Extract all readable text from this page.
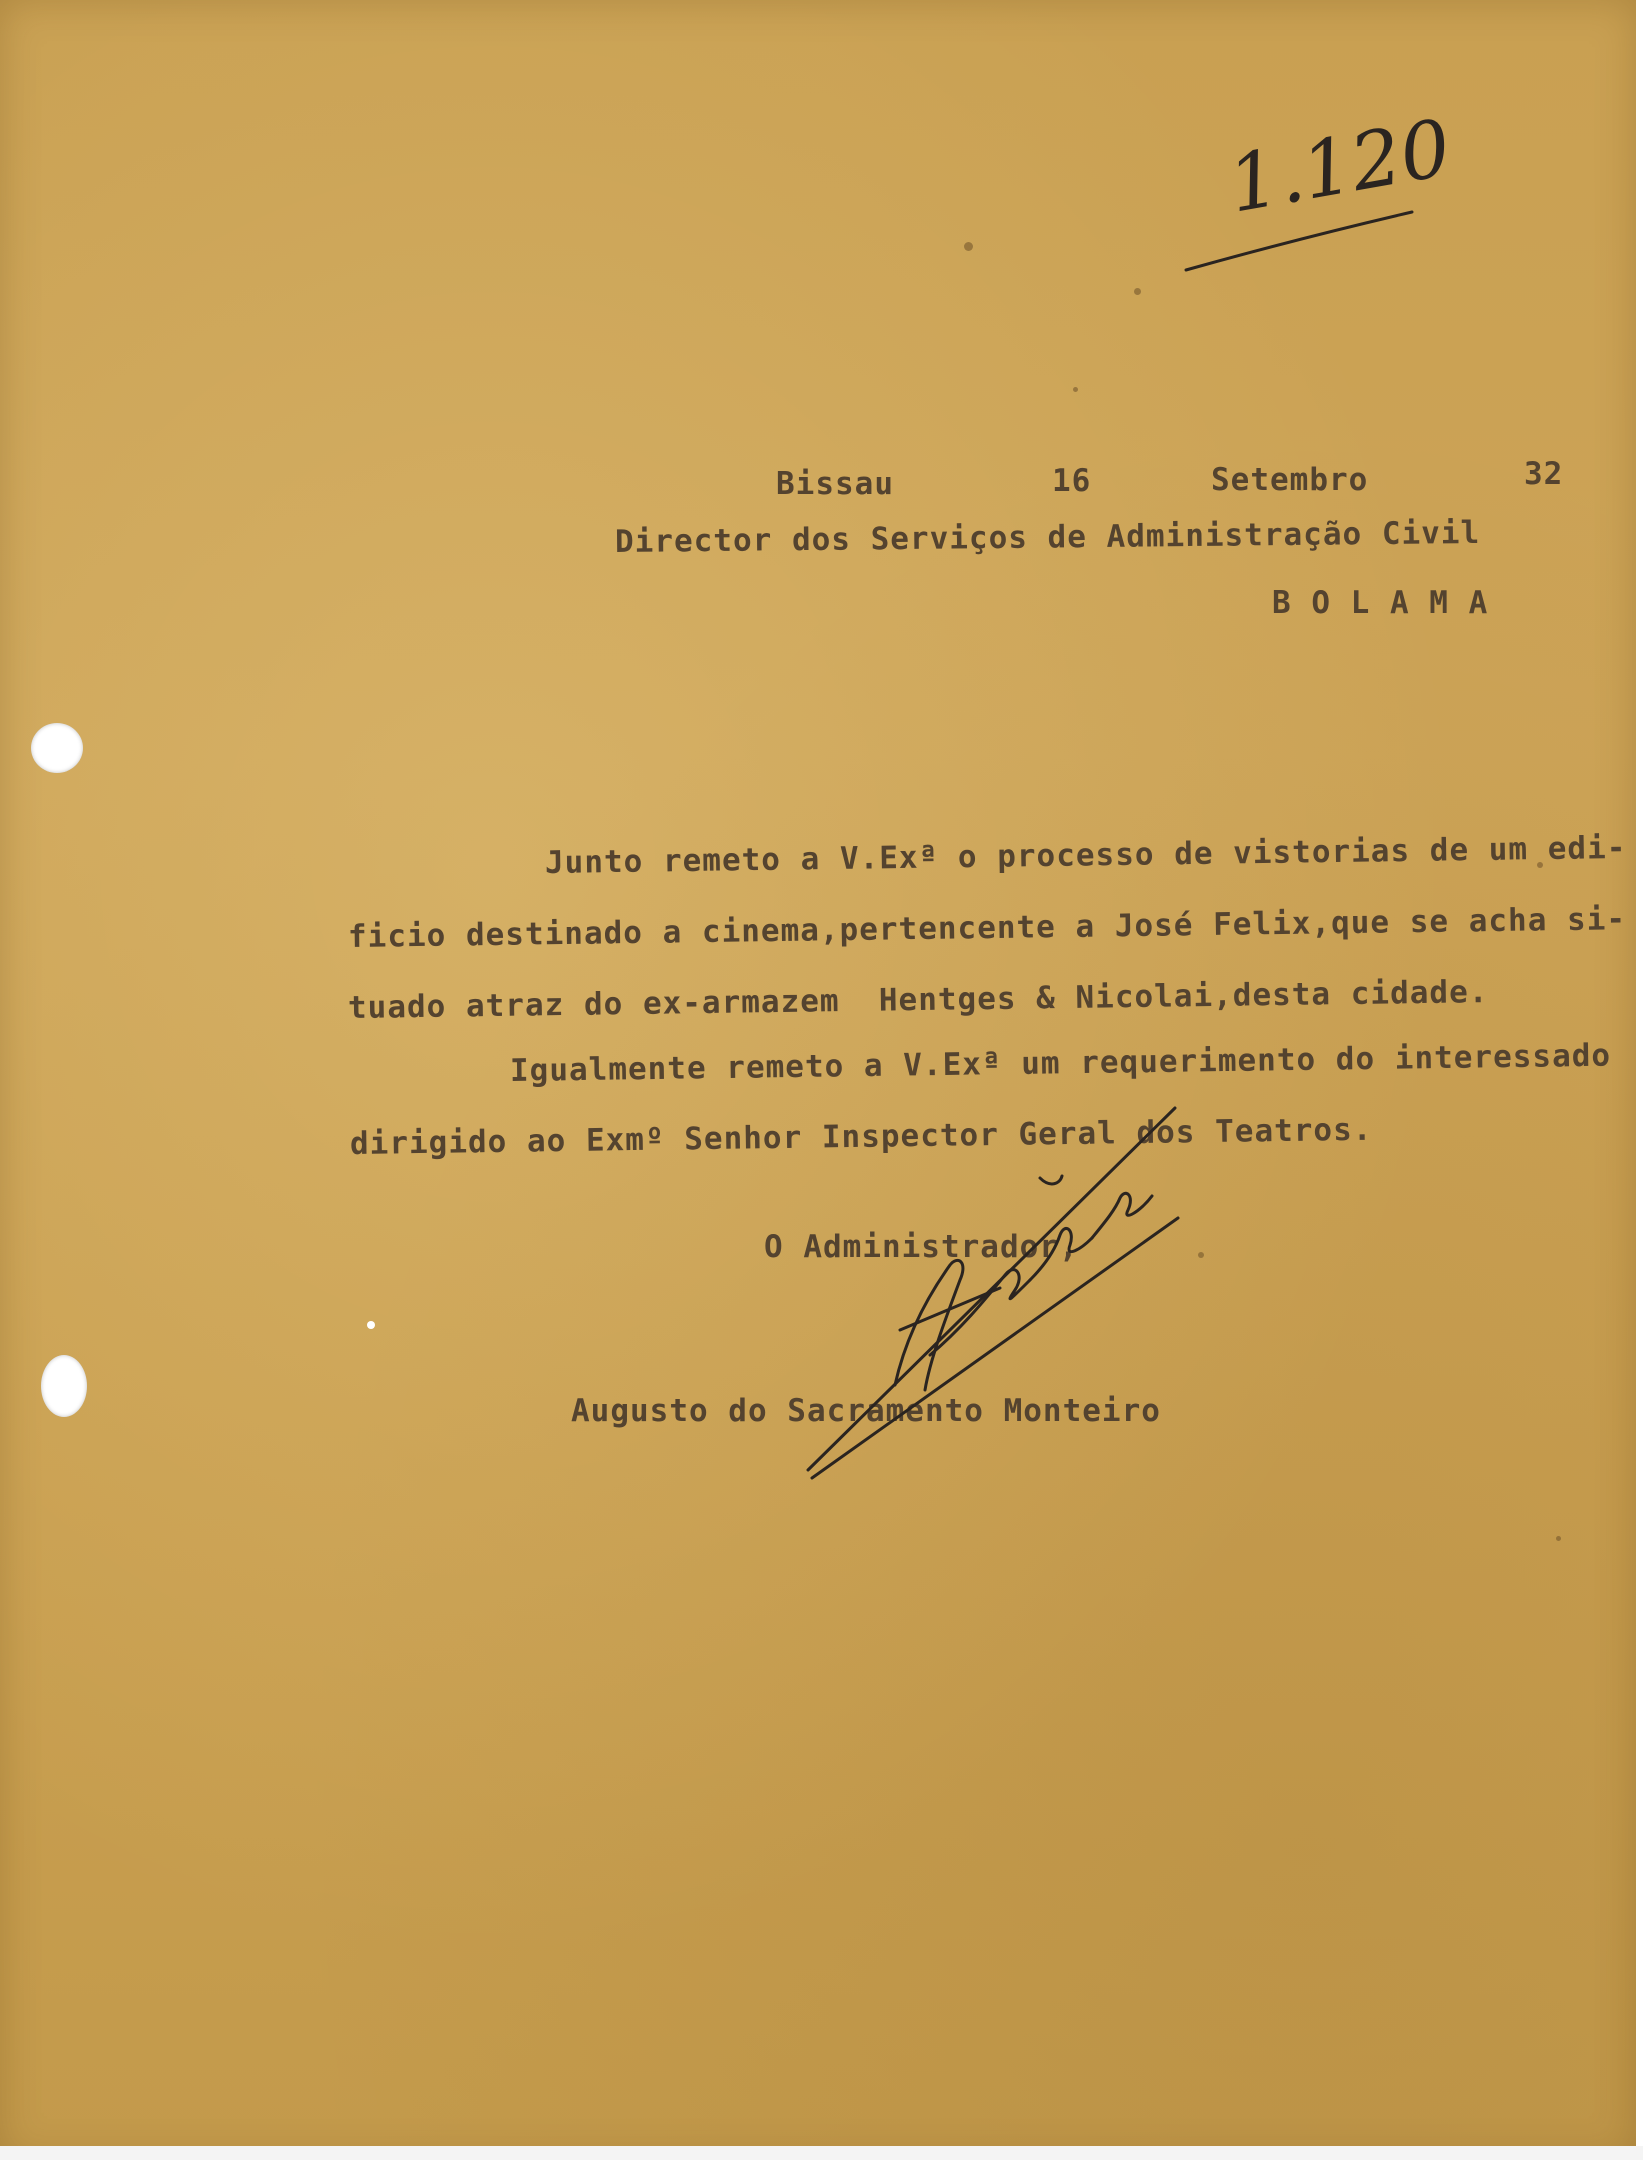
1.120
Bissau	16	Setembro	32
Director dos Serviços de Administração Civil
B O L A M A
Junto remeto a V.Exª o processo de vistorias de um edi-
ficio destinado a cinema,pertencente a José Felix,que se acha si-
tuado atraz do ex-armazem  Hentges & Nicolai,desta cidade.
Igualmente remeto a V.Exª um requerimento do interessado
dirigido ao Exmº Senhor Inspector Geral dos Teatros.
O Administrador,
Augusto do Sacramento Monteiro
